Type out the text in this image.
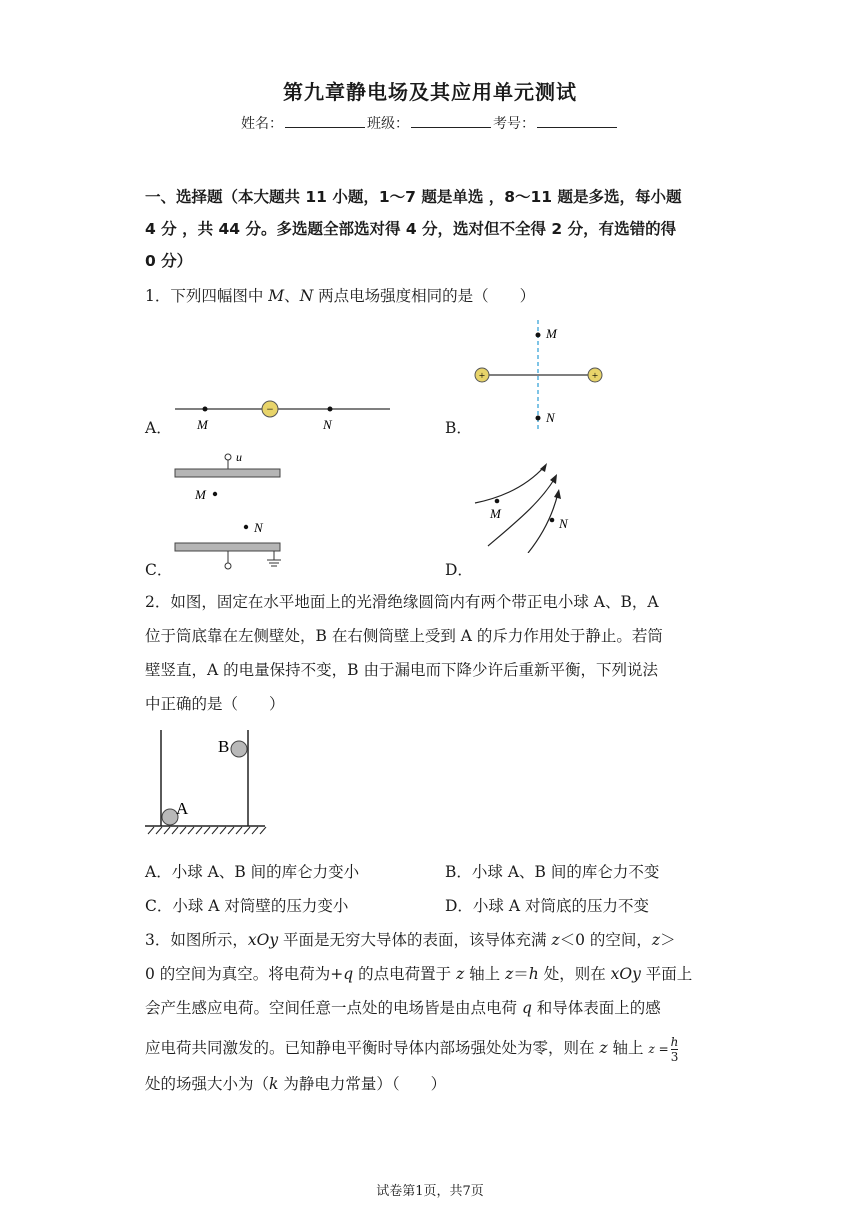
第九章静电场及其应用单元测试
姓名：	班级：	考号：
一、选择题（本大题共 11 小题，1～7 题是单选 ，8～11 题是多选，每小题
4 分 ，共 44 分。多选题全部选对得 4 分，选对但不全得 2 分，有选错的得
0 分）
1．下列四幅图中 M、N 两点电场强度相同的是（　　）
A．	B．
C．	D．
−
M	N
+	+
M
N
u
M
N
M
N
2．如图，固定在水平地面上的光滑绝缘圆筒内有两个带正电小球 A、B，A
位于筒底靠在左侧壁处，B 在右侧筒壁上受到 A 的斥力作用处于静止。若筒
壁竖直，A 的电量保持不变，B 由于漏电而下降少许后重新平衡，下列说法
中正确的是（　　）
A
B
A．小球 A、B 间的库仑力变小	B．小球 A、B 间的库仑力不变
C．小球 A 对筒壁的压力变小	D．小球 A 对筒底的压力不变
3．如图所示，xOy 平面是无穷大导体的表面，该导体充满 z＜0 的空间，z＞
0 的空间为真空。将电荷为+q 的点电荷置于 z 轴上 z＝h 处，则在 xOy 平面上
会产生感应电荷。空间任意一点处的电场皆是由点电荷 q 和导体表面上的感
应电荷共同激发的。已知静电平衡时导体内部场强处处为零，则在 z 轴上 $z = \frac{h}{3}$
处的场强大小为（k 为静电力常量）（　　）
试卷第1页，共7页
